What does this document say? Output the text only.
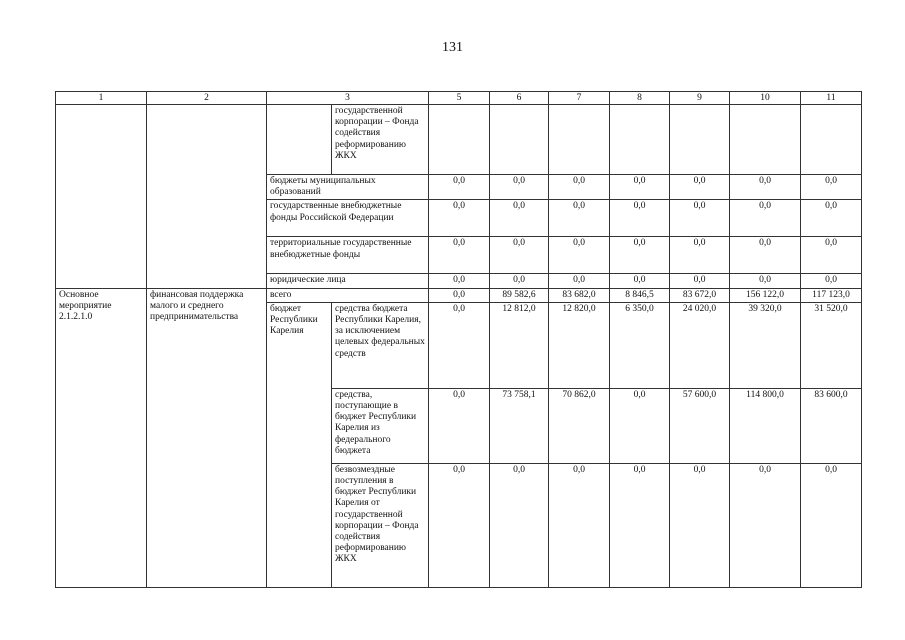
131
1	2	3		5	6	7	8	9	10	11
			государственной корпорации – Фонда содействия реформированию ЖКХ							
		бюджеты муниципальных образований		0,0	0,0	0,0	0,0	0,0	0,0	0,0
		государственные внебюджетные фонды Российской Федерации		0,0	0,0	0,0	0,0	0,0	0,0	0,0
		территориальные государственные внебюджетные фонды		0,0	0,0	0,0	0,0	0,0	0,0	0,0
		юридические лица		0,0	0,0	0,0	0,0	0,0	0,0	0,0
Основное мероприятие 2.1.2.1.0	финансовая поддержка малого и среднего предпринимательства	всего		0,0	89 582,6	83 682,0	8 846,5	83 672,0	156 122,0	117 123,0
		бюджет Республики Карелия	средства бюджета Республики Карелия, за исключением целевых федеральных средств	0,0	12 812,0	12 820,0	6 350,0	24 020,0	39 320,0	31 520,0
			средства, поступающие в бюджет Республики Карелия из федерального бюджета	0,0	73 758,1	70 862,0	0,0	57 600,0	114 800,0	83 600,0
			безвозмездные поступления в бюджет Республики Карелия от государственной корпорации – Фонда содействия реформированию ЖКХ	0,0	0,0	0,0	0,0	0,0	0,0	0,0
